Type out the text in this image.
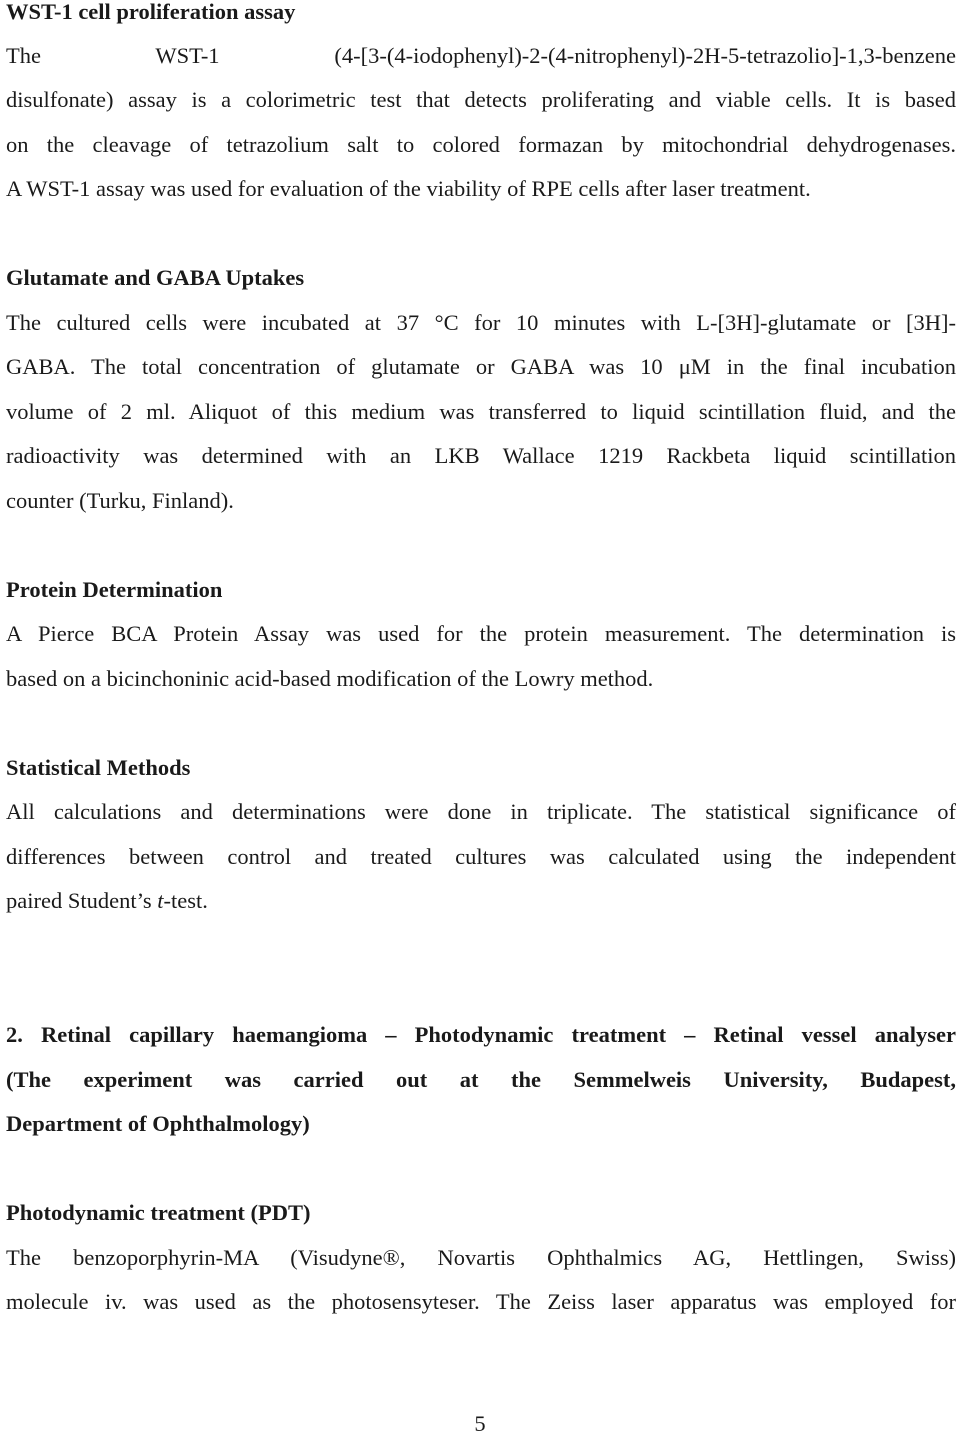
WST-1 cell proliferation assay
The WST-1 (4-[3-(4-iodophenyl)-2-(4-nitrophenyl)-2H-5-tetrazolio]-1,3-benzene
disulfonate) assay is a colorimetric test that detects proliferating and viable cells. It is based
on the cleavage of tetrazolium salt to colored formazan by mitochondrial dehydrogenases.
A WST-1 assay was used for evaluation of the viability of RPE cells after laser treatment.
Glutamate and GABA Uptakes
The cultured cells were incubated at 37 °C for 10 minutes with L-[3H]-glutamate or [3H]-
GABA. The total concentration of glutamate or GABA was 10 μM in the final incubation
volume of 2 ml. Aliquot of this medium was transferred to liquid scintillation fluid, and the
radioactivity was determined with an LKB Wallace 1219 Rackbeta liquid scintillation
counter (Turku, Finland).
Protein Determination
A Pierce BCA Protein Assay was used for the protein measurement. The determination is
based on a bicinchoninic acid-based modification of the Lowry method.
Statistical Methods
All calculations and determinations were done in triplicate. The statistical significance of
differences between control and treated cultures was calculated using the independent
paired Student’s t-test.
2. Retinal capillary haemangioma – Photodynamic treatment – Retinal vessel analyser
(The experiment was carried out at the Semmelweis University, Budapest,
Department of Ophthalmology)
Photodynamic treatment (PDT)
The benzoporphyrin-MA (Visudyne®, Novartis Ophthalmics AG, Hettlingen, Swiss)
molecule iv. was used as the photosensyteser. The Zeiss laser apparatus was employed for
5
